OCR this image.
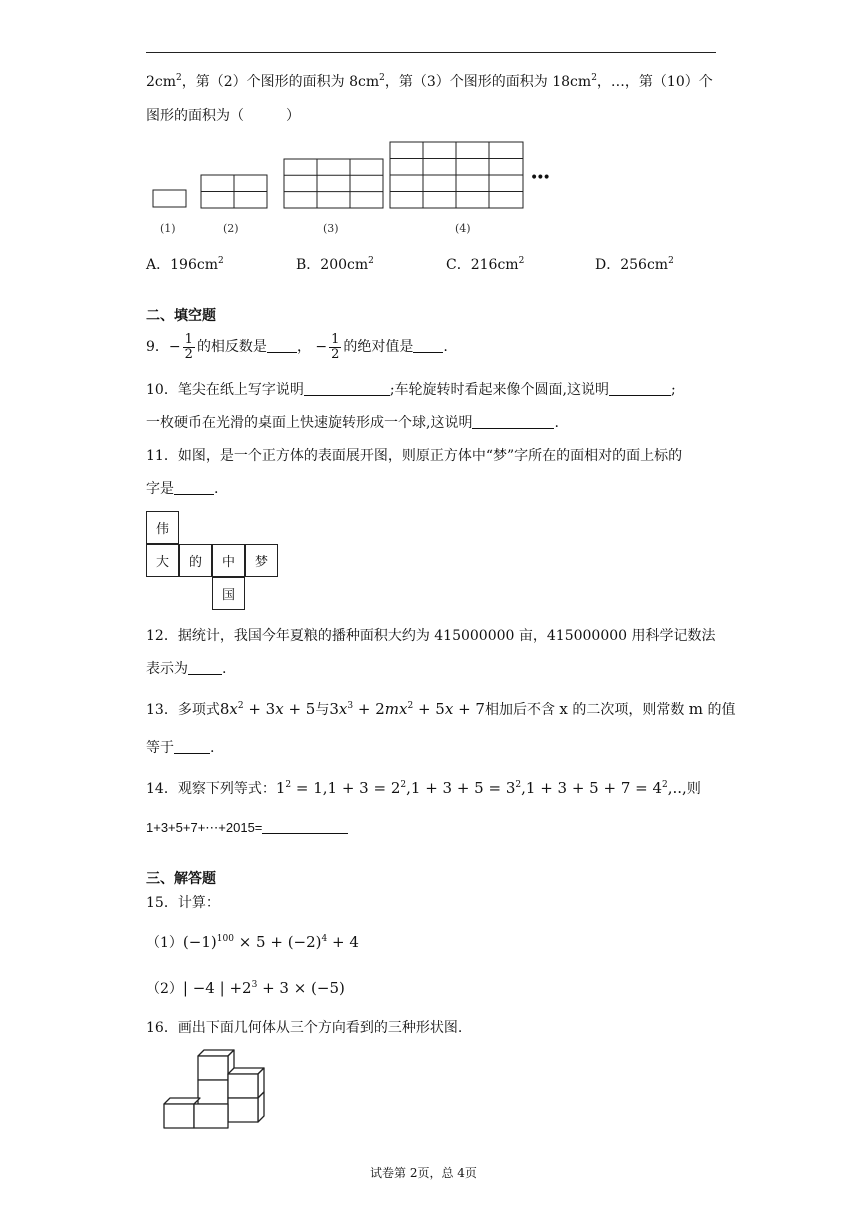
$2cm^2$，第（2）个图形的面积为 $8cm^2$，第（3）个图形的面积为 $18cm^2$，…，第（10）个
图形的面积为（　　　）
•••
(1)	(2)	(3)	(4)
A．$196cm^2$	B．$200cm^2$	C．$216cm^2$	D．$256cm^2$
二、填空题
9．− $\frac{1}{2}$ 的相反数是 ， − $\frac{1}{2}$ 的绝对值是 .
10．笔尖在纸上写字说明	;车轮旋转时看起来像个圆面,这说明	;
一枚硬币在光滑的桌面上快速旋转形成一个球,这说明	.
11．如图，是一个正方体的表面展开图，则原正方体中“梦”字所在的面相对的面上标的
字是	.
伟
大	的	中	梦
国
12．据统计，我国今年夏粮的播种面积大约为 415000000 亩，415000000 用科学记数法
表示为 .
13．多项式$8x^2 + 3x + 5$与$3x^3 + 2mx^2 + 5x + 7$相加后不含 x 的二次项，则常数 m 的值
等于	.
14．观察下列等式：$1^2 = 1,1 + 3 = 2^2,1 + 3 + 5 = 3^2,1 + 3 + 5 + 7 = 4^2$,..,则
1+3+5+7+⋯+2015=
三、解答题
15．计算：
$(1)(-1)^{100} \times 5 + (-2)^4 + 4$
（2）| −4 | $+2^3 + 3 \times (-5)$
16．画出下面几何体从三个方向看到的三种形状图.
试卷第 2页，总 4页
